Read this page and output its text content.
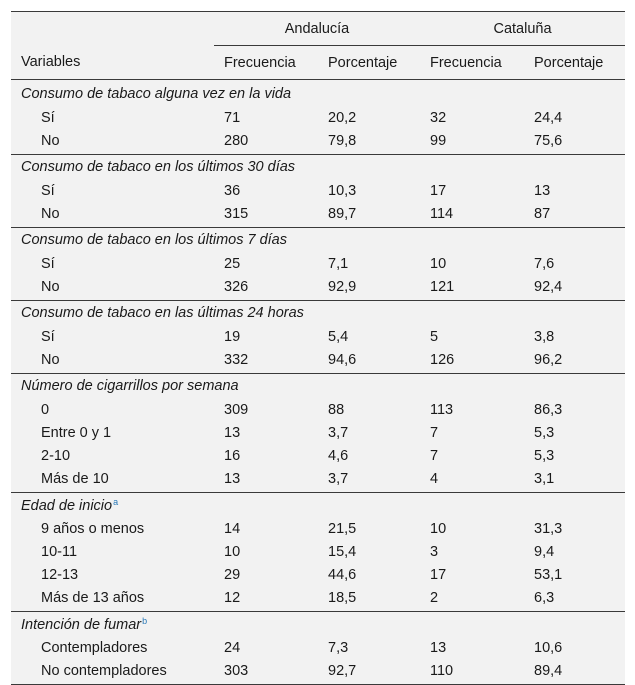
	Andalucía		Cataluña	
Variables	Frecuencia	Porcentaje	Frecuencia	Porcentaje
Consumo de tabaco alguna vez en la vida				
Sí	71	20,2	32	24,4
No	280	79,8	99	75,6
Consumo de tabaco en los últimos 30 días				
Sí	36	10,3	17	13
No	315	89,7	114	87
Consumo de tabaco en los últimos 7 días				
Sí	25	7,1	10	7,6
No	326	92,9	121	92,4
Consumo de tabaco en las últimas 24 horas				
Sí	19	5,4	5	3,8
No	332	94,6	126	96,2
Número de cigarrillos por semana				
0	309	88	113	86,3
Entre 0 y 1	13	3,7	7	5,3
2-10	16	4,6	7	5,3
Más de 10	13	3,7	4	3,1
Edad de inicio$^a$
9 años o menos	14	21,5	10	31,3
10-11	10	15,4	3	9,4
12-13	29	44,6	17	53,1
Más de 13 años	12	18,5	2	6,3
Intención de fumar$^b$
Contempladores	24	7,3	13	10,6
No contempladores	303	92,7	110	89,4
